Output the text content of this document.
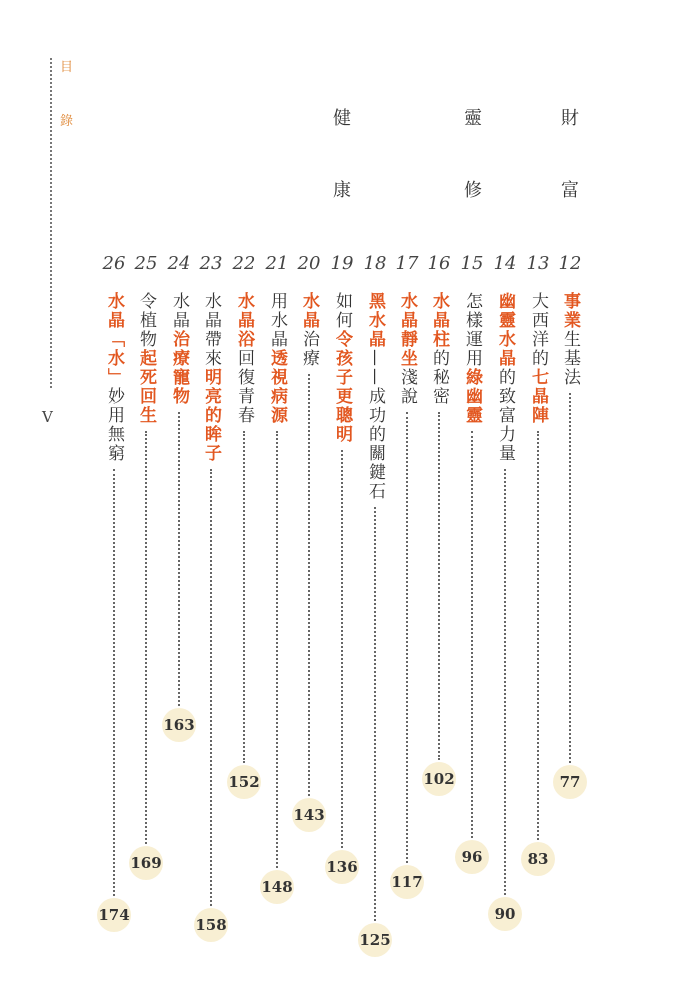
目
錄
V
財
富
靈
修
健
康
12
事業生基法
77
13
大西洋的七晶陣
83
14
幽靈水晶的致富力量
90
15
怎樣運用綠幽靈
96
16
水晶柱的秘密
102
17
水晶靜坐淺說
117
18
黑水晶——成功的關鍵石
125
19
如何令孩子更聰明
136
20
水晶治療
143
21
用水晶透視病源
148
22
水晶浴回復青春
152
23
水晶帶來明亮的眸子
158
24
水晶治療寵物
163
25
令植物起死回生
169
26
水晶「水」妙用無窮
174
